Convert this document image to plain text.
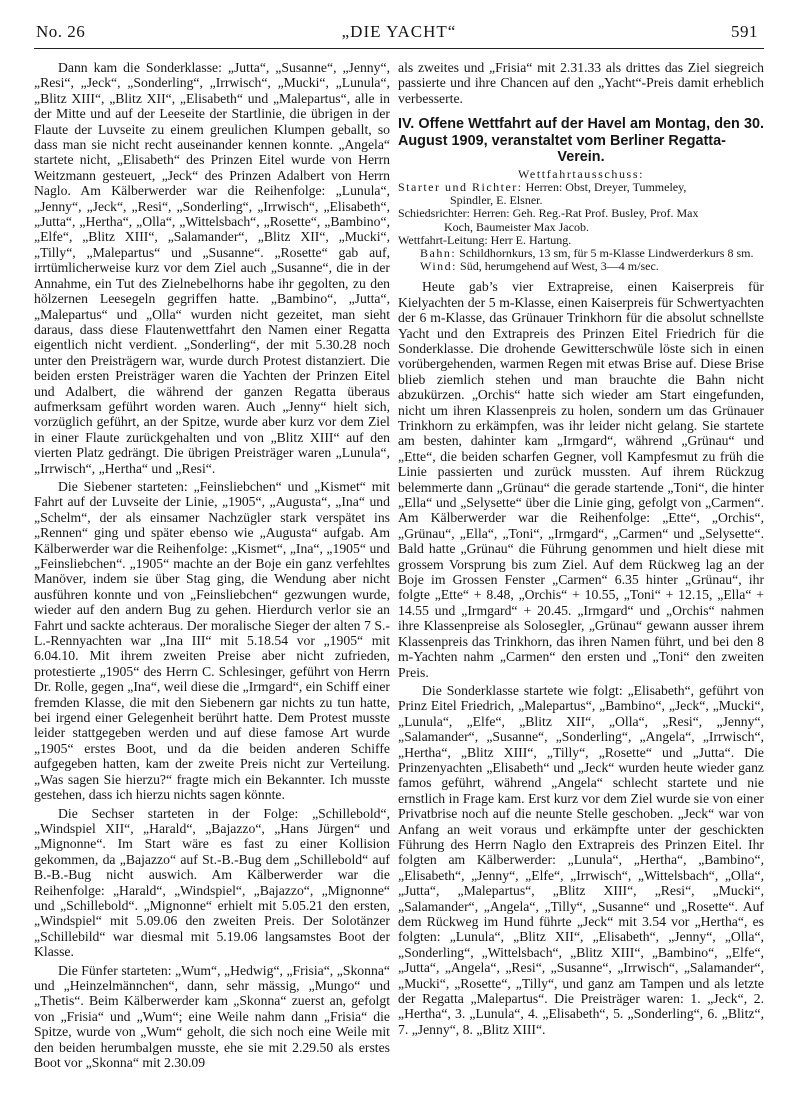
No. 26	„DIE YACHT“	591

Dann kam die Sonderklasse: „Jutta“, „Susanne“, „Jenny“, „Resi“, „Jeck“, „Sonderling“, „Irrwisch“, „Mucki“, „Lunula“, „Blitz XIII“, „Blitz XII“, „Elisabeth“ und „Malepartus“, alle in der Mitte und auf der Leeseite der Startlinie, die übrigen in der Flaute der Luvseite zu einem greulichen Klumpen geballt, so dass man sie nicht recht auseinander kennen konnte. „Angela“ startete nicht, „Elisabeth“ des Prinzen Eitel wurde von Herrn Weitzmann gesteuert, „Jeck“ des Prinzen Adalbert von Herrn Naglo. Am Kälberwerder war die Reihenfolge: „Lunula“, „Jenny“, „Jeck“, „Resi“, „Sonderling“, „Irrwisch“, „Elisabeth“, „Jutta“, „Hertha“, „Olla“, „Wittelsbach“, „Rosette“, „Bambino“, „Elfe“, „Blitz XIII“, „Salamander“, „Blitz XII“, „Mucki“, „Tilly“, „Malepartus“ und „Susanne“. „Rosette“ gab auf, irrtümlicherweise kurz vor dem Ziel auch „Susanne“, die in der Annahme, ein Tut des Zielnebelhorns habe ihr gegolten, zu den hölzernen Leesegeln gegriffen hatte. „Bambino“, „Jutta“, „Malepartus“ und „Olla“ wurden nicht gezeitet, man sieht daraus, dass diese Flautenwettfahrt den Namen einer Regatta eigentlich nicht verdient. „Sonderling“, der mit 5.30.28 noch unter den Preisträgern war, wurde durch Protest distanziert. Die beiden ersten Preisträger waren die Yachten der Prinzen Eitel und Adalbert, die während der ganzen Regatta überaus aufmerksam geführt worden waren. Auch „Jenny“ hielt sich, vorzüglich geführt, an der Spitze, wurde aber kurz vor dem Ziel in einer Flaute zurückgehalten und von „Blitz XIII“ auf den vierten Platz gedrängt. Die übrigen Preisträger waren „Lunula“, „Irrwisch“, „Hertha“ und „Resi“.

Die Siebener starteten: „Feinsliebchen“ und „Kismet“ mit Fahrt auf der Luvseite der Linie, „1905“, „Augusta“, „Ina“ und „Schelm“, der als einsamer Nachzügler stark verspätet ins „Rennen“ ging und später ebenso wie „Augusta“ aufgab. Am Kälberwerder war die Reihenfolge: „Kismet“, „Ina“, „1905“ und „Feinsliebchen“. „1905“ machte an der Boje ein ganz verfehltes Manöver, indem sie über Stag ging, die Wendung aber nicht ausführen konnte und von „Feinsliebchen“ gezwungen wurde, wieder auf den andern Bug zu gehen. Hierdurch verlor sie an Fahrt und sackte achteraus. Der moralische Sieger der alten 7 S.-L.-Rennyachten war „Ina III“ mit 5.18.54 vor „1905“ mit 6.04.10. Mit ihrem zweiten Preise aber nicht zufrieden, protestierte „1905“ des Herrn C. Schlesinger, geführt von Herrn Dr. Rolle, gegen „Ina“, weil diese die „Irmgard“, ein Schiff einer fremden Klasse, die mit den Siebenern gar nichts zu tun hatte, bei irgend einer Gelegenheit berührt hatte. Dem Protest musste leider stattgegeben werden und auf diese famose Art wurde „1905“ erstes Boot, und da die beiden anderen Schiffe aufgegeben hatten, kam der zweite Preis nicht zur Verteilung. „Was sagen Sie hierzu?“ fragte mich ein Bekannter. Ich musste gestehen, dass ich hierzu nichts sagen könnte.

Die Sechser starteten in der Folge: „Schillebold“, „Windspiel XII“, „Harald“, „Bajazzo“, „Hans Jürgen“ und „Mignonne“. Im Start wäre es fast zu einer Kollision gekommen, da „Bajazzo“ auf St.-B.-Bug dem „Schillebold“ auf B.-B.-Bug nicht auswich. Am Kälberwerder war die Reihenfolge: „Harald“, „Windspiel“, „Bajazzo“, „Mignonne“ und „Schillebold“. „Mignonne“ erhielt mit 5.05.21 den ersten, „Windspiel“ mit 5.09.06 den zweiten Preis. Der Solotänzer „Schillebild“ war diesmal mit 5.19.06 langsamstes Boot der Klasse.

Die Fünfer starteten: „Wum“, „Hedwig“, „Frisia“, „Skonna“ und „Heinzelmännchen“, dann, sehr mässig, „Mungo“ und „Thetis“. Beim Kälberwerder kam „Skonna“ zuerst an, gefolgt von „Frisia“ und „Wum“; eine Weile nahm dann „Frisia“ die Spitze, wurde von „Wum“ geholt, die sich noch eine Weile mit den beiden herumbalgen musste, ehe sie mit 2.29.50 als erstes Boot vor „Skonna“ mit 2.30.09

als zweites und „Frisia“ mit 2.31.33 als drittes das Ziel siegreich passierte und ihre Chancen auf den „Yacht“-Preis damit erheblich verbesserte.

IV. Offene Wettfahrt auf der Havel am Montag, den 30. August 1909, veranstaltet vom Berliner Regatta-
Verein.
Wettfahrtausschuss:
Starter und Richter: Herren: Obst, Dreyer, Tummeley,
Spindler, E. Elsner.
Schiedsrichter: Herren: Geh. Reg.-Rat Prof. Busley, Prof. Max
Koch, Baumeister Max Jacob.
Wettfahrt-Leitung: Herr E. Hartung.
Bahn: Schildhornkurs, 13 sm, für 5 m-Klasse Lindwerderkurs 8 sm.
Wind: Süd, herumgehend auf West, 3—4 m/sec.

Heute gab’s vier Extrapreise, einen Kaiserpreis für Kielyachten der 5 m-Klasse, einen Kaiserpreis für Schwertyachten der 6 m-Klasse, das Grünauer Trinkhorn für die absolut schnellste Yacht und den Extrapreis des Prinzen Eitel Friedrich für die Sonderklasse. Die drohende Gewitterschwüle löste sich in einen vorübergehenden, warmen Regen mit etwas Brise auf. Diese Brise blieb ziemlich stehen und man brauchte die Bahn nicht abzukürzen. „Orchis“ hatte sich wieder am Start eingefunden, nicht um ihren Klassenpreis zu holen, sondern um das Grünauer Trinkhorn zu erkämpfen, was ihr leider nicht gelang. Sie startete am besten, dahinter kam „Irmgard“, während „Grünau“ und „Ette“, die beiden scharfen Gegner, voll Kampfesmut zu früh die Linie passierten und zurück mussten. Auf ihrem Rückzug belemmerte dann „Grünau“ die gerade startende „Toni“, die hinter „Ella“ und „Selysette“ über die Linie ging, gefolgt von „Carmen“. Am Kälberwerder war die Reihenfolge: „Ette“, „Orchis“, „Grünau“, „Ella“, „Toni“, „Irmgard“, „Carmen“ und „Selysette“. Bald hatte „Grünau“ die Führung genommen und hielt diese mit grossem Vorsprung bis zum Ziel. Auf dem Rückweg lag an der Boje im Grossen Fenster „Carmen“ 6.35 hinter „Grünau“, ihr folgte „Ette“ + 8.48, „Orchis“ + 10.55, „Toni“ + 12.15, „Ella“ + 14.55 und „Irmgard“ + 20.45. „Irmgard“ und „Orchis“ nahmen ihre Klassenpreise als Solosegler, „Grünau“ gewann ausser ihrem Klassenpreis das Trinkhorn, das ihren Namen führt, und bei den 8 m-Yachten nahm „Carmen“ den ersten und „Toni“ den zweiten Preis.

Die Sonderklasse startete wie folgt: „Elisabeth“, geführt von Prinz Eitel Friedrich, „Malepartus“, „Bambino“, „Jeck“, „Mucki“, „Lunula“, „Elfe“, „Blitz XII“, „Olla“, „Resi“, „Jenny“, „Salamander“, „Susanne“, „Sonderling“, „Angela“, „Irrwisch“, „Hertha“, „Blitz XIII“, „Tilly“, „Rosette“ und „Jutta“. Die Prinzenyachten „Elisabeth“ und „Jeck“ wurden heute wieder ganz famos geführt, während „Angela“ schlecht startete und nie ernstlich in Frage kam. Erst kurz vor dem Ziel wurde sie von einer Privatbrise noch auf die neunte Stelle geschoben. „Jeck“ war von Anfang an weit voraus und erkämpfte unter der geschickten Führung des Herrn Naglo den Extrapreis des Prinzen Eitel. Ihr folgten am Kälberwerder: „Lunula“, „Hertha“, „Bambino“, „Elisabeth“, „Jenny“, „Elfe“, „Irrwisch“, „Wittelsbach“, „Olla“, „Jutta“, „Malepartus“, „Blitz XIII“, „Resi“, „Mucki“, „Salamander“, „Angela“, „Tilly“, „Susanne“ und „Rosette“. Auf dem Rückweg im Hund führte „Jeck“ mit 3.54 vor „Hertha“, es folgten: „Lunula“, „Blitz XII“, „Elisabeth“, „Jenny“, „Olla“, „Sonderling“, „Wittelsbach“, „Blitz XIII“, „Bambino“, „Elfe“, „Jutta“, „Angela“, „Resi“, „Susanne“, „Irrwisch“, „Salamander“, „Mucki“, „Rosette“, „Tilly“, und ganz am Tampen und als letzte der Regatta „Malepartus“. Die Preisträger waren: 1. „Jeck“, 2. „Hertha“, 3. „Lunula“, 4. „Elisabeth“, 5. „Sonderling“, 6. „Blitz“, 7. „Jenny“, 8. „Blitz XIII“.
